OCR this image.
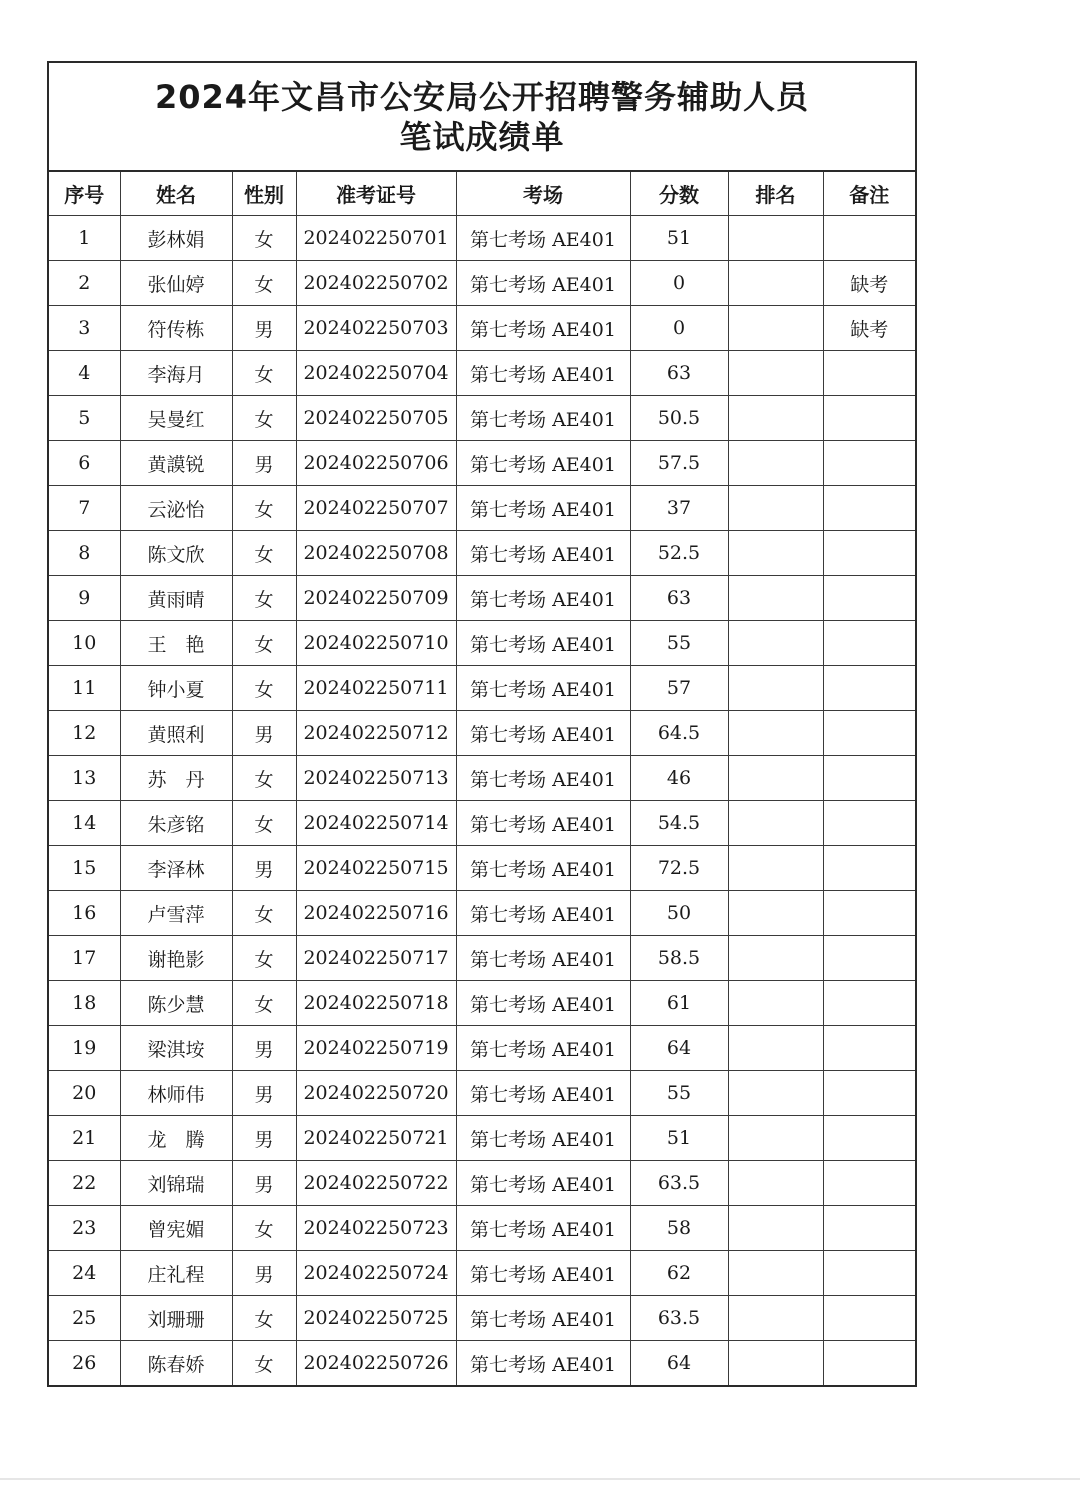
2024年文昌市公安局公开招聘警务辅助人员
笔试成绩单
序号	姓名	性别	准考证号	考场	分数	排名	备注
1	彭林娟	女	202402250701	第七考场 AE401	51		
2	张仙婷	女	202402250702	第七考场 AE401	0		缺考
3	符传栋	男	202402250703	第七考场 AE401	0		缺考
4	李海月	女	202402250704	第七考场 AE401	63		
5	吴曼红	女	202402250705	第七考场 AE401	50.5		
6	黄謨锐	男	202402250706	第七考场 AE401	57.5		
7	云泌怡	女	202402250707	第七考场 AE401	37		
8	陈文欣	女	202402250708	第七考场 AE401	52.5		
9	黄雨晴	女	202402250709	第七考场 AE401	63		
10	王　艳	女	202402250710	第七考场 AE401	55		
11	钟小夏	女	202402250711	第七考场 AE401	57		
12	黄照利	男	202402250712	第七考场 AE401	64.5		
13	苏　丹	女	202402250713	第七考场 AE401	46		
14	朱彦铭	女	202402250714	第七考场 AE401	54.5		
15	李泽林	男	202402250715	第七考场 AE401	72.5		
16	卢雪萍	女	202402250716	第七考场 AE401	50		
17	谢艳影	女	202402250717	第七考场 AE401	58.5		
18	陈少慧	女	202402250718	第七考场 AE401	61		
19	梁淇垵	男	202402250719	第七考场 AE401	64		
20	林师伟	男	202402250720	第七考场 AE401	55		
21	龙　腾	男	202402250721	第七考场 AE401	51		
22	刘锦瑞	男	202402250722	第七考场 AE401	63.5		
23	曾宪媚	女	202402250723	第七考场 AE401	58		
24	庄礼程	男	202402250724	第七考场 AE401	62		
25	刘珊珊	女	202402250725	第七考场 AE401	63.5		
26	陈春娇	女	202402250726	第七考场 AE401	64		
